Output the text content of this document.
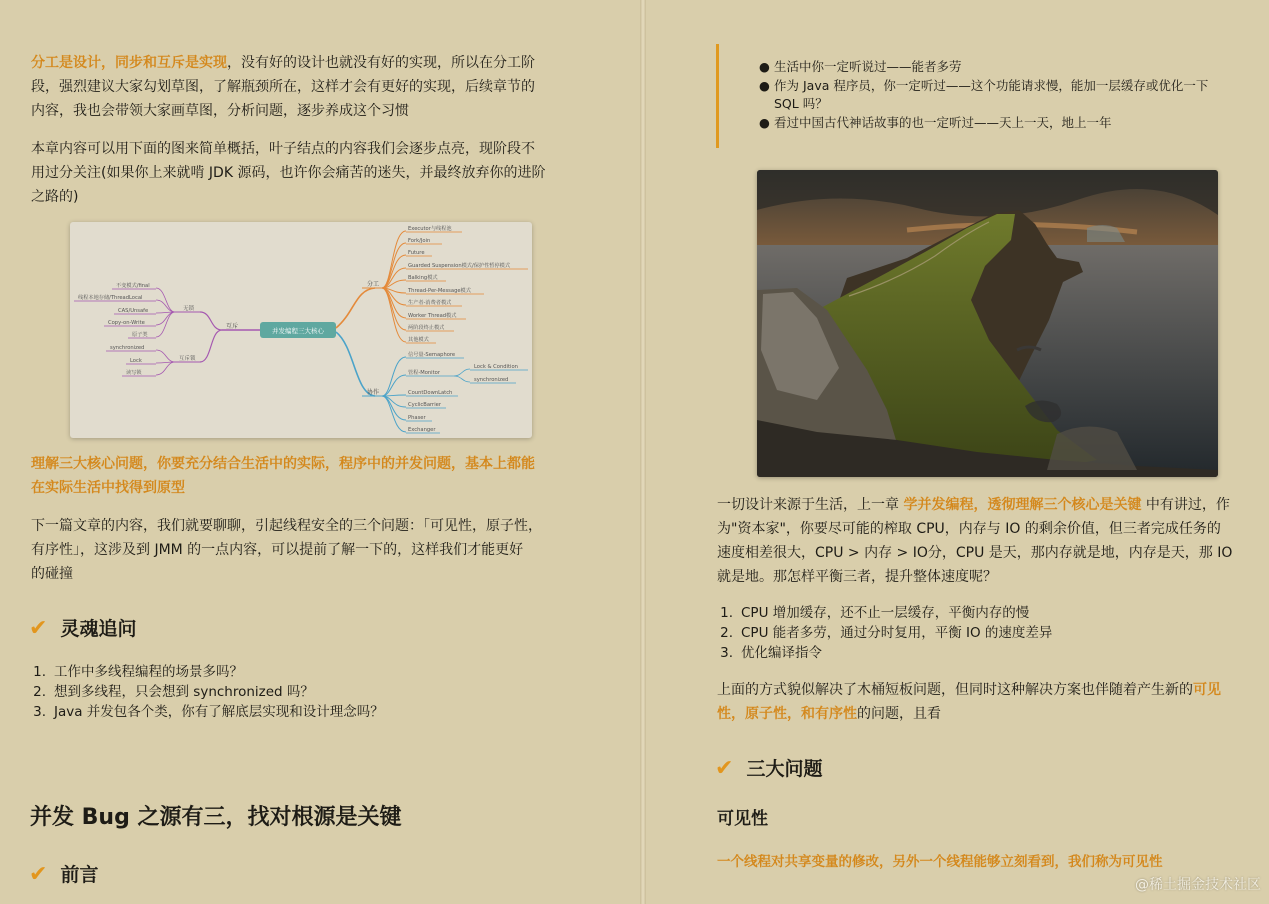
分工是设计，同步和互斥是实现，没有好的设计也就没有好的实现，所以在分工阶
段，强烈建议大家勾划草图，了解瓶颈所在，这样才会有更好的实现，后续章节的
内容，我也会带领大家画草图，分析问题，逐步养成这个习惯
本章内容可以用下面的图来简单概括，叶子结点的内容我们会逐步点亮，现阶段不
用过分关注(如果你上来就啃 JDK 源码，也许你会痛苦的迷失，并最终放弃你的进阶
之路的)
并发编程三大核心
分工
Executor与线程池
Fork/Join
Future
Guarded Suspension模式/保护性暂停模式
Balking模式
Thread-Per-Message模式
生产者-消费者模式
Worker Thread模式
两阶段终止模式
其他模式
协作
信号量-Semaphore
管程-Monitor
CountDownLatch
CyclicBarrier
Phaser
Exchanger
Lock & Condition
synchronized
互斥
无锁
互斥锁
不变模式/final
线程本地存储/ThreadLocal
CAS/Unsafe
Copy-on-Write
原子类
synchronized
Lock
读写锁
理解三大核心问题，你要充分结合生活中的实际，程序中的并发问题，基本上都能
在实际生活中找得到原型
下一篇文章的内容，我们就要聊聊，引起线程安全的三个问题：「可见性，原子性，
有序性」，这涉及到 JMM 的一点内容，可以提前了解一下的，这样我们才能更好
的碰撞
✔ 灵魂追问
1. 工作中多线程编程的场景多吗？
2. 想到多线程，只会想到 synchronized 吗？
3. Java 并发包各个类，你有了解底层实现和设计理念吗？
并发 Bug 之源有三，找对根源是关键
✔ 前言
● 生活中你一定听说过——能者多劳
● 作为 Java 程序员，你一定听过——这个功能请求慢，能加一层缓存或优化一下
SQL 吗？
● 看过中国古代神话故事的也一定听过——天上一天，地上一年
一切设计来源于生活，上一章 学并发编程，透彻理解三个核心是关键 中有讲过，作
为"资本家"，你要尽可能的榨取 CPU，内存与 IO 的剩余价值，但三者完成任务的
速度相差很大，CPU > 内存 > IO分，CPU 是天，那内存就是地，内存是天，那 IO
就是地。那怎样平衡三者，提升整体速度呢？
1. CPU 增加缓存，还不止一层缓存，平衡内存的慢
2. CPU 能者多劳，通过分时复用，平衡 IO 的速度差异
3. 优化编译指令
上面的方式貌似解决了木桶短板问题，但同时这种解决方案也伴随着产生新的可见
性，原子性，和有序性的问题，且看
✔ 三大问题
可见性
一个线程对共享变量的修改，另外一个线程能够立刻看到，我们称为可见性
@稀土掘金技术社区
